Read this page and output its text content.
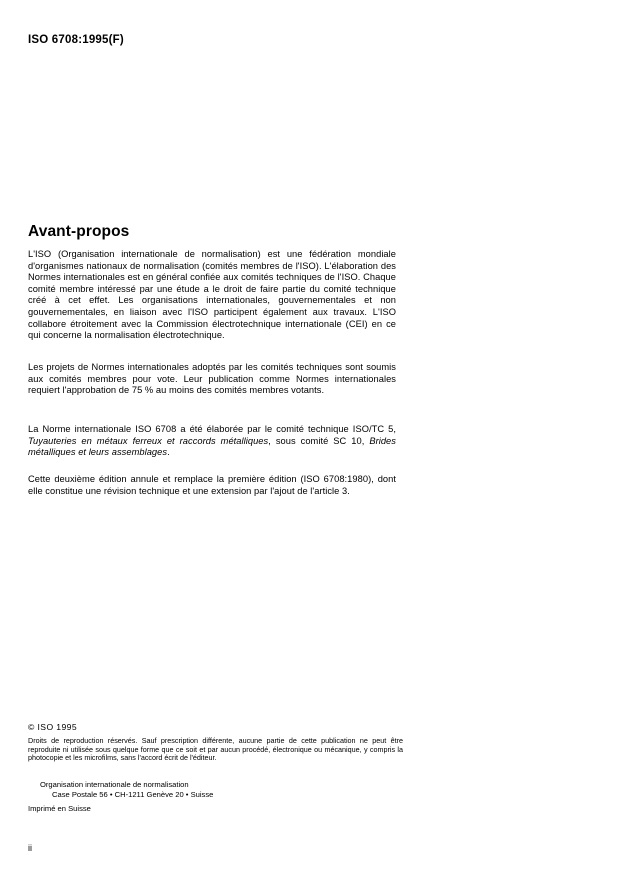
ISO 6708:1995(F)
Avant-propos
L'ISO (Organisation internationale de normalisation) est une fédération mondiale d'organismes nationaux de normalisation (comités membres de l'ISO). L'élaboration des Normes internationales est en général confiée aux comités techniques de l'ISO. Chaque comité membre intéressé par une étude a le droit de faire partie du comité technique créé à cet effet. Les organisations internationales, gouvernementales et non gouvernementales, en liaison avec l'ISO participent également aux travaux. L'ISO collabore étroitement avec la Commission électrotechnique internationale (CEI) en ce qui concerne la normalisation électrotechnique.
Les projets de Normes internationales adoptés par les comités techniques sont soumis aux comités membres pour vote. Leur publication comme Normes internationales requiert l'approbation de 75 % au moins des comités membres votants.
La Norme internationale ISO 6708 a été élaborée par le comité technique ISO/TC 5, Tuyauteries en métaux ferreux et raccords métalliques, sous comité SC 10, Brides métalliques et leurs assemblages.
Cette deuxième édition annule et remplace la première édition (ISO 6708:1980), dont elle constitue une révision technique et une extension par l'ajout de l'article 3.
© ISO 1995
Droits de reproduction réservés. Sauf prescription différente, aucune partie de cette publication ne peut être reproduite ni utilisée sous quelque forme que ce soit et par aucun procédé, électronique ou mécanique, y compris la photocopie et les microfilms, sans l'accord écrit de l'éditeur.
Organisation internationale de normalisation
Case Postale 56 • CH-1211 Genève 20 • Suisse
Imprimé en Suisse
ii
